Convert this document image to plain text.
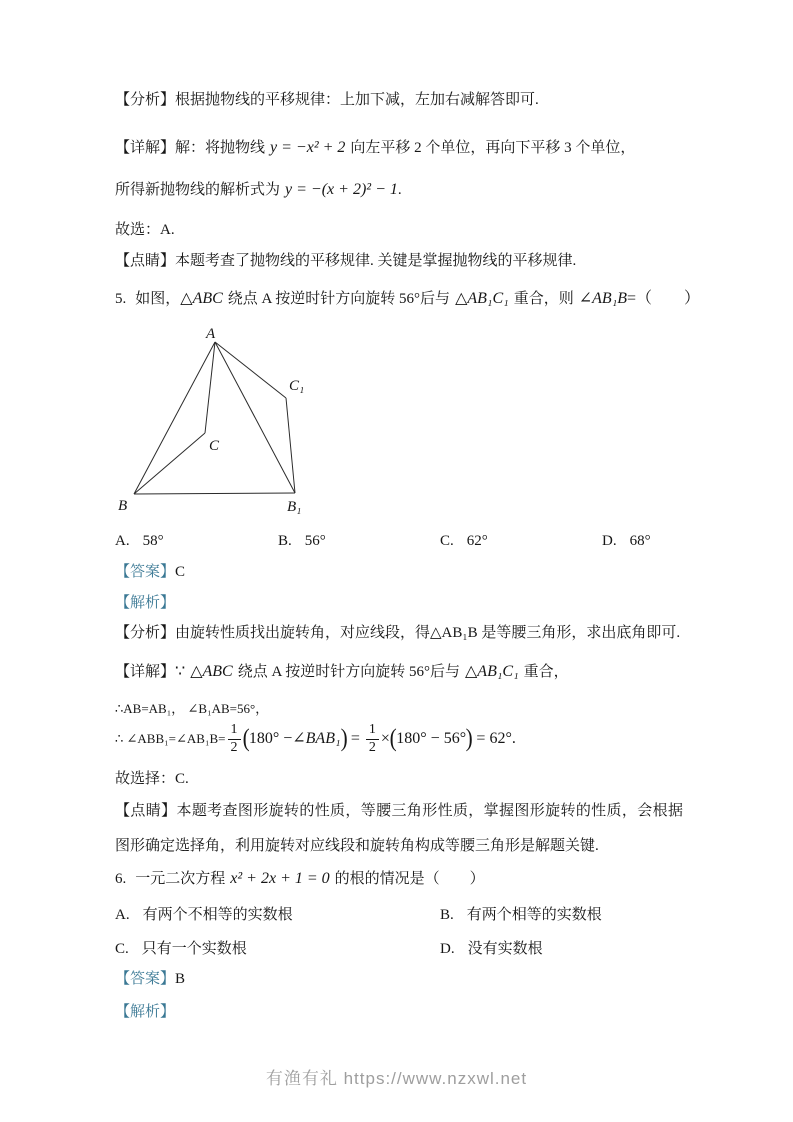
【分析】根据抛物线的平移规律：上加下减，左加右减解答即可.
【详解】 解：将抛物线 y = −x² + 2 向左平移 2 个单位，再向下平移 3 个单位，
所得新抛物线的解析式为 y = −(x + 2)² − 1 .
故选：A.
【点睛】本题考查了抛物线的平移规律. 关键是掌握抛物线的平移规律.
5. 如图， △ABC 绕点 A 按逆时针方向旋转 56°后与 △AB₁C₁ 重合，则 ∠AB₁B =（　　）
A
B
C
B₁
C₁
A. 58°	B. 56°	C. 62°	D. 68°
【答案】C
【解析】
【分析】由旋转性质找出旋转角，对应线段，得△AB₁B 是等腰三角形，求出底角即可.
【详解】 ∵ △ABC 绕点 A 按逆时针方向旋转 56°后与 △AB₁C₁ 重合，
∴AB=AB₁， ∠B₁AB=56°，
∴ ∠ABB₁=∠AB₁B= $\frac{1}{2}$ ( 180° − ∠BAB₁ ) = $\frac{1}{2}$ × ( 180° − 56° ) = 62°.
故选择：C.
【点睛】本题考查图形旋转的性质，等腰三角形性质，掌握图形旋转的性质，会根据图形确定选择角，利用旋转对应线段和旋转角构成等腰三角形是解题关键.
6. 一元二次方程 x² + 2x + 1 = 0 的根的情况是（　　）
A. 有两个不相等的实数根	B. 有两个相等的实数根
C. 只有一个实数根	D. 没有实数根
【答案】B
【解析】
有渔有礼 https://www.nzxwl.net
